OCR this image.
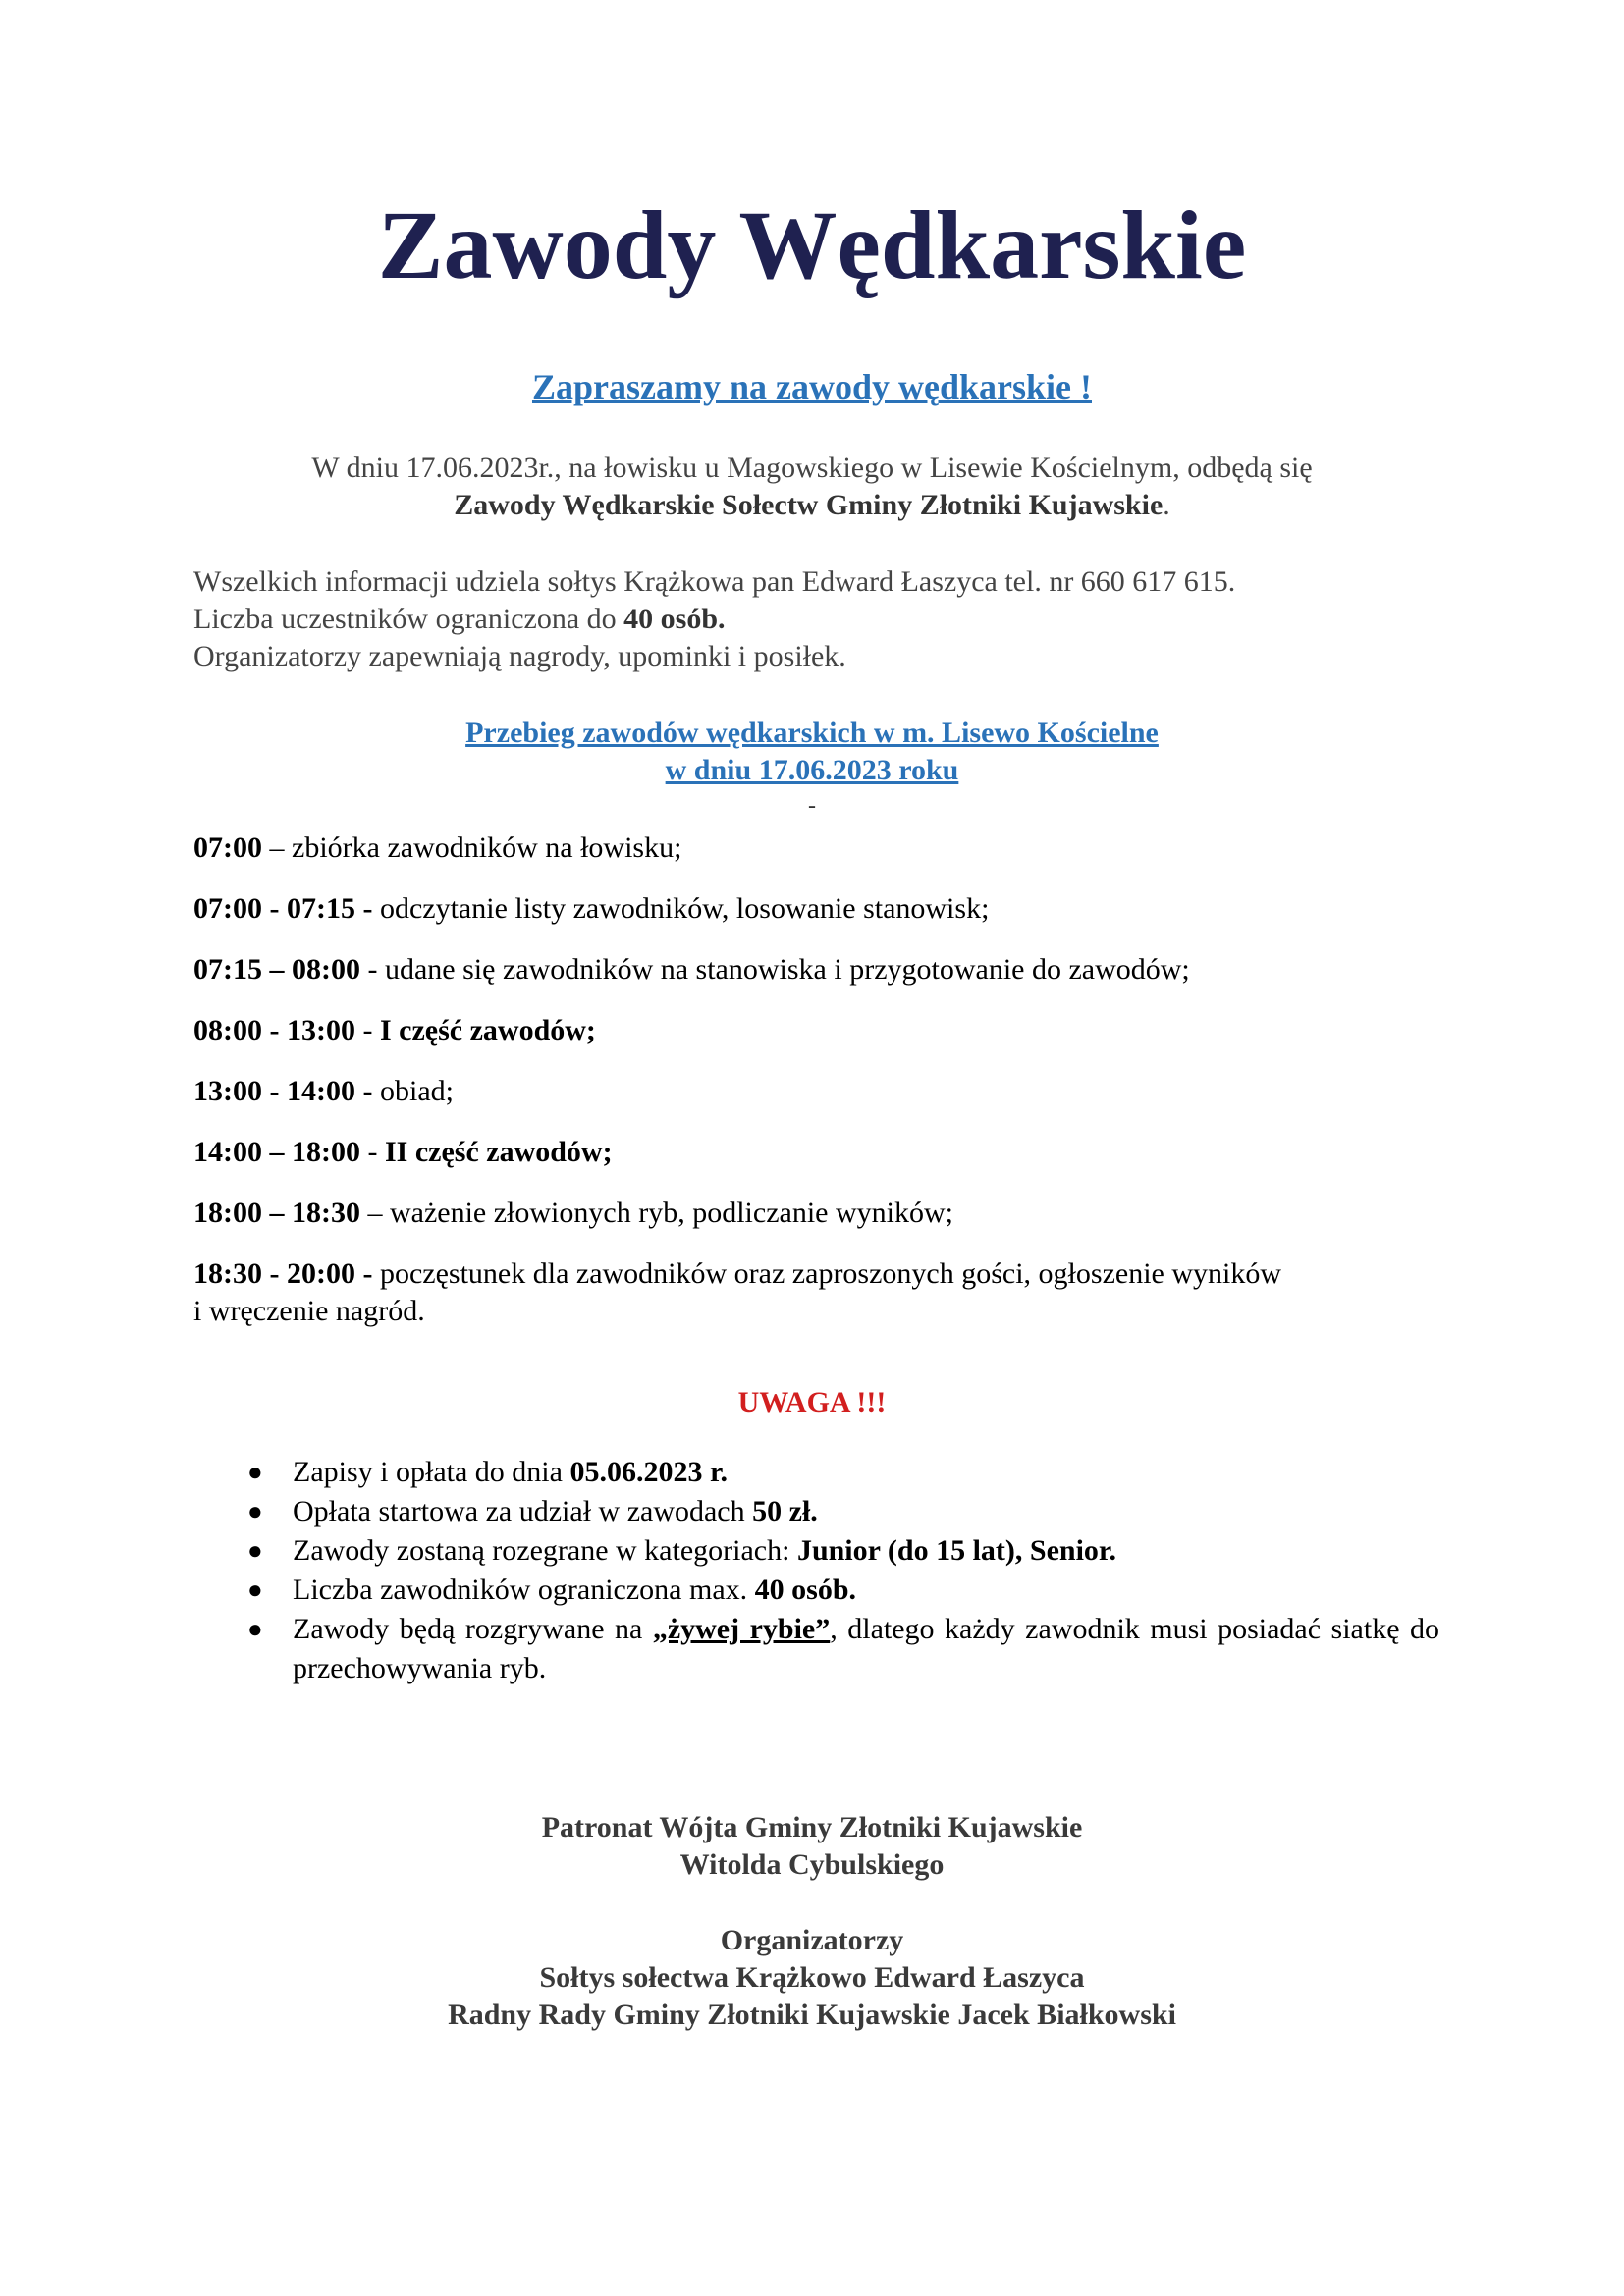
Zawody Wędkarskie
Zapraszamy na zawody wędkarskie !
W dniu 17.06.2023r., na łowisku u Magowskiego w Lisewie Kościelnym, odbędą się
Zawody Wędkarskie Sołectw Gminy Złotniki Kujawskie.
Wszelkich informacji udziela sołtys Krążkowa pan Edward Łaszyca tel. nr 660 617 615.
Liczba uczestników ograniczona do 40 osób.
Organizatorzy zapewniają nagrody, upominki i posiłek.
Przebieg zawodów wędkarskich w m. Lisewo Kościelne
w dniu 17.06.2023 roku
-
07:00 – zbiórka zawodników na łowisku;
07:00 - 07:15 - odczytanie listy zawodników, losowanie stanowisk;
07:15 – 08:00 - udane się zawodników na stanowiska i przygotowanie do zawodów;
08:00 - 13:00 - I część zawodów;
13:00 - 14:00 - obiad;
14:00 – 18:00 - II część zawodów;
18:00 – 18:30 – ważenie złowionych ryb, podliczanie wyników;
18:30 - 20:00 - poczęstunek dla zawodników oraz zaproszonych gości, ogłoszenie wyników
i wręczenie nagród.
UWAGA !!!
● Zapisy i opłata do dnia 05.06.2023 r.
● Opłata startowa za udział w zawodach 50 zł.
● Zawody zostaną rozegrane w kategoriach: Junior (do 15 lat), Senior.
● Liczba zawodników ograniczona max. 40 osób.
● Zawody będą rozgrywane na „żywej rybie”, dlatego każdy zawodnik musi posiadać siatkę do przechowywania ryb.
Patronat Wójta Gminy Złotniki Kujawskie
Witolda Cybulskiego
Organizatorzy
Sołtys sołectwa Krążkowo Edward Łaszyca
Radny Rady Gminy Złotniki Kujawskie Jacek Białkowski
